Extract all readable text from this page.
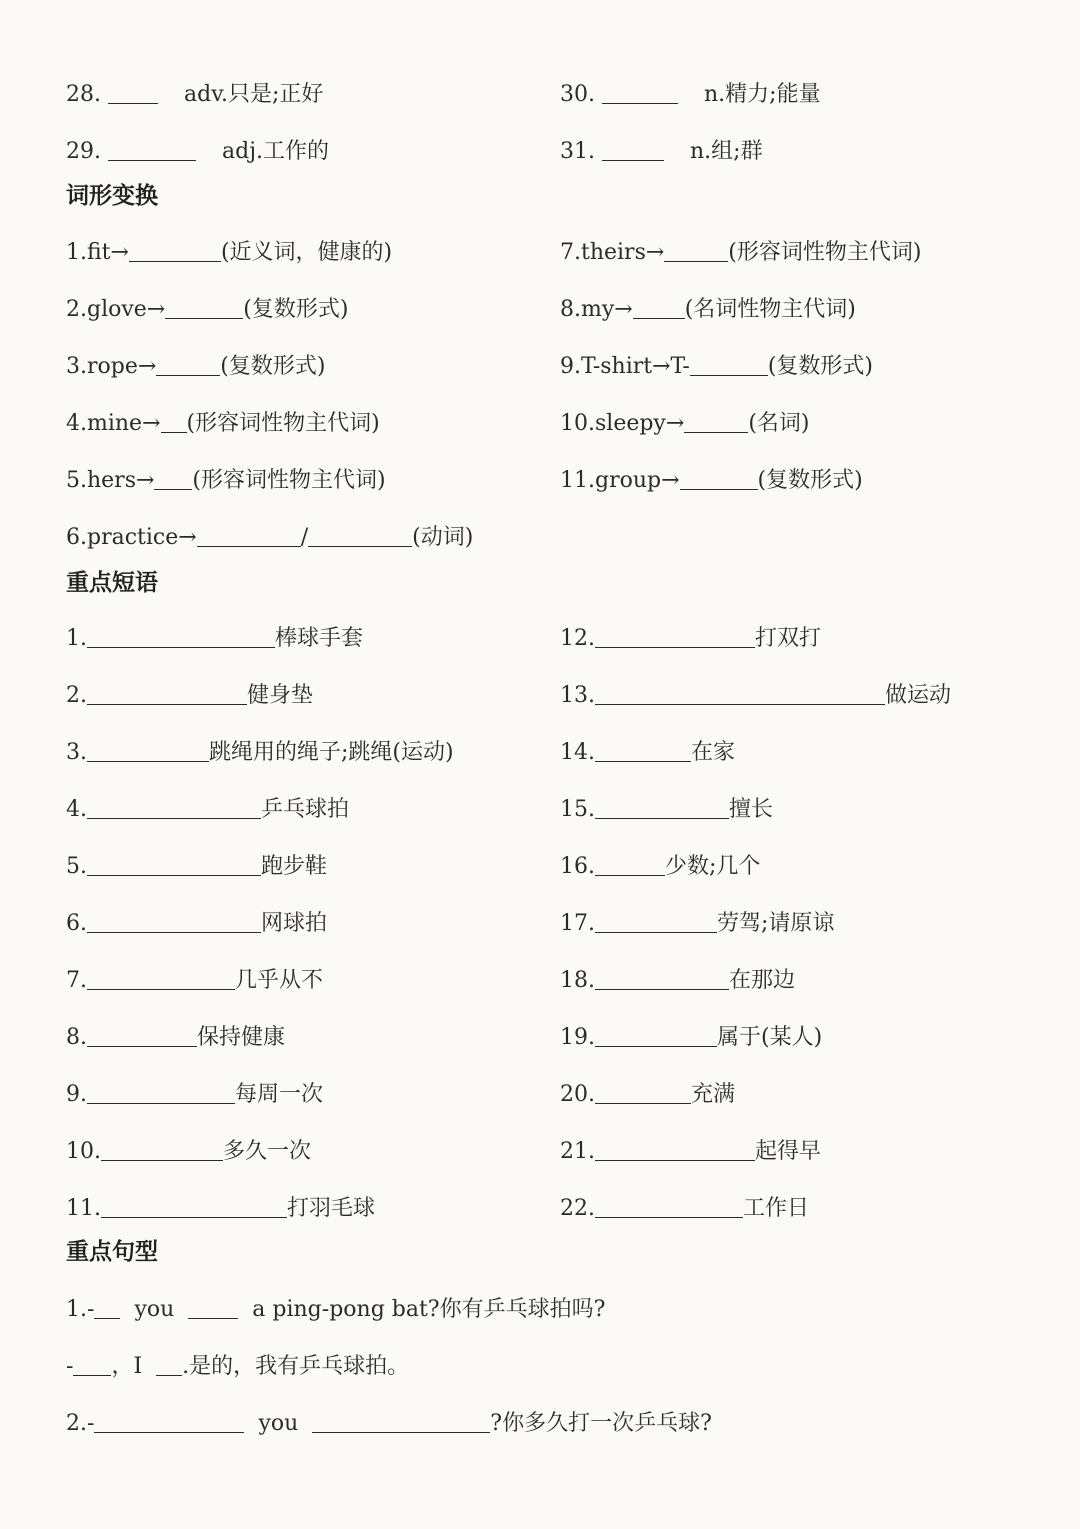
28.	adv.只是;正好
29.	adj.工作的
30.	n.精力;能量
31.	n.组;群
词形变换
1.fit→	(近义词，健康的)
2.glove→	(复数形式)
3.rope→	(复数形式)
4.mine→ (形容词性物主代词)
5.hers→ (形容词性物主代词)
6.practice→	/	(动词)
7.theirs→	(形容词性物主代词)
8.my→ (名词性物主代词)
9.T-shirt→T-	(复数形式)
10.sleepy→	(名词)
11.group→	(复数形式)
重点短语
1.	棒球手套
2.	健身垫
3.	跳绳用的绳子;跳绳(运动)
4.	乒乓球拍
5.	跑步鞋
6.	网球拍
7.	几乎从不
8.	保持健康
9.	每周一次
10.	多久一次
11.	打羽毛球
12.	打双打
13.	做运动
14.	在家
15.	擅长
16.	少数;几个
17.	劳驾;请原谅
18.	在那边
19.	属于(某人)
20.	充满
21.	起得早
22.	工作日
重点句型
1.- you	a ping-pong bat?你有乒乓球拍吗?
- ，I .是的，我有乒乓球拍。
2.-	you	?你多久打一次乒乓球?
